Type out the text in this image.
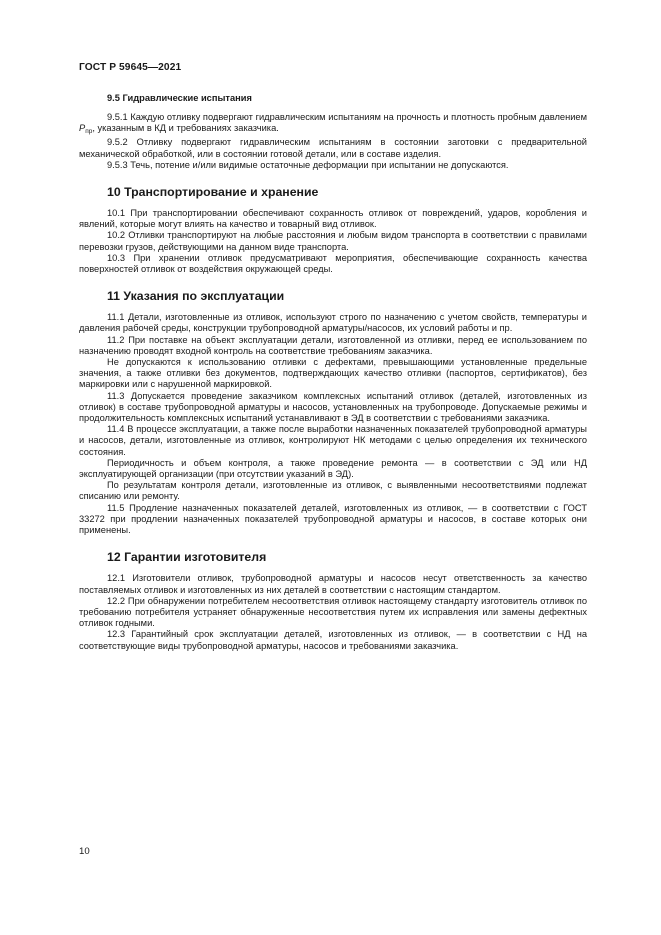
ГОСТ Р 59645—2021
9.5 Гидравлические испытания

9.5.1 Каждую отливку подвергают гидравлическим испытаниям на прочность и плотность пробным давлением $P_{пр}$, указанным в КД и требованиях заказчика.

9.5.2 Отливку подвергают гидравлическим испытаниям в состоянии заготовки с предварительной механической обработкой, или в состоянии готовой детали, или в составе изделия.

9.5.3 Течь, потение и/или видимые остаточные деформации при испытании не допускаются.

10 Транспортирование и хранение

10.1 При транспортировании обеспечивают сохранность отливок от повреждений, ударов, коробления и явлений, которые могут влиять на качество и товарный вид отливок.

10.2 Отливки транспортируют на любые расстояния и любым видом транспорта в соответствии с правилами перевозки грузов, действующими на данном виде транспорта.

10.3 При хранении отливок предусматривают мероприятия, обеспечивающие сохранность качества поверхностей отливок от воздействия окружающей среды.

11 Указания по эксплуатации

11.1 Детали, изготовленные из отливок, используют строго по назначению с учетом свойств, температуры и давления рабочей среды, конструкции трубопроводной арматуры/насосов, их условий работы и пр.

11.2 При поставке на объект эксплуатации детали, изготовленной из отливки, перед ее использованием по назначению проводят входной контроль на соответствие требованиям заказчика.

Не допускаются к использованию отливки с дефектами, превышающими установленные предельные значения, а также отливки без документов, подтверждающих качество отливки (паспортов, сертификатов), без маркировки или с нарушенной маркировкой.

11.3 Допускается проведение заказчиком комплексных испытаний отливок (деталей, изготовленных из отливок) в составе трубопроводной арматуры и насосов, установленных на трубопроводе. Допускаемые режимы и продолжительность комплексных испытаний устанавливают в ЭД в соответствии с требованиями заказчика.

11.4 В процессе эксплуатации, а также после выработки назначенных показателей трубопроводной арматуры и насосов, детали, изготовленные из отливок, контролируют НК методами с целью определения их технического состояния.

Периодичность и объем контроля, а также проведение ремонта — в соответствии с ЭД или НД эксплуатирующей организации (при отсутствии указаний в ЭД).

По результатам контроля детали, изготовленные из отливок, с выявленными несоответствиями подлежат списанию или ремонту.

11.5 Продление назначенных показателей деталей, изготовленных из отливок, — в соответствии с ГОСТ 33272 при продлении назначенных показателей трубопроводной арматуры и насосов, в составе которых они применены.

12 Гарантии изготовителя

12.1 Изготовители отливок, трубопроводной арматуры и насосов несут ответственность за качество поставляемых отливок и изготовленных из них деталей в соответствии с настоящим стандартом.

12.2 При обнаружении потребителем несоответствия отливок настоящему стандарту изготовитель отливок по требованию потребителя устраняет обнаруженные несоответствия путем их исправления или замены дефектных отливок годными.

12.3 Гарантийный срок эксплуатации деталей, изготовленных из отливок, — в соответствии с НД на соответствующие виды трубопроводной арматуры, насосов и требованиями заказчика.

10
